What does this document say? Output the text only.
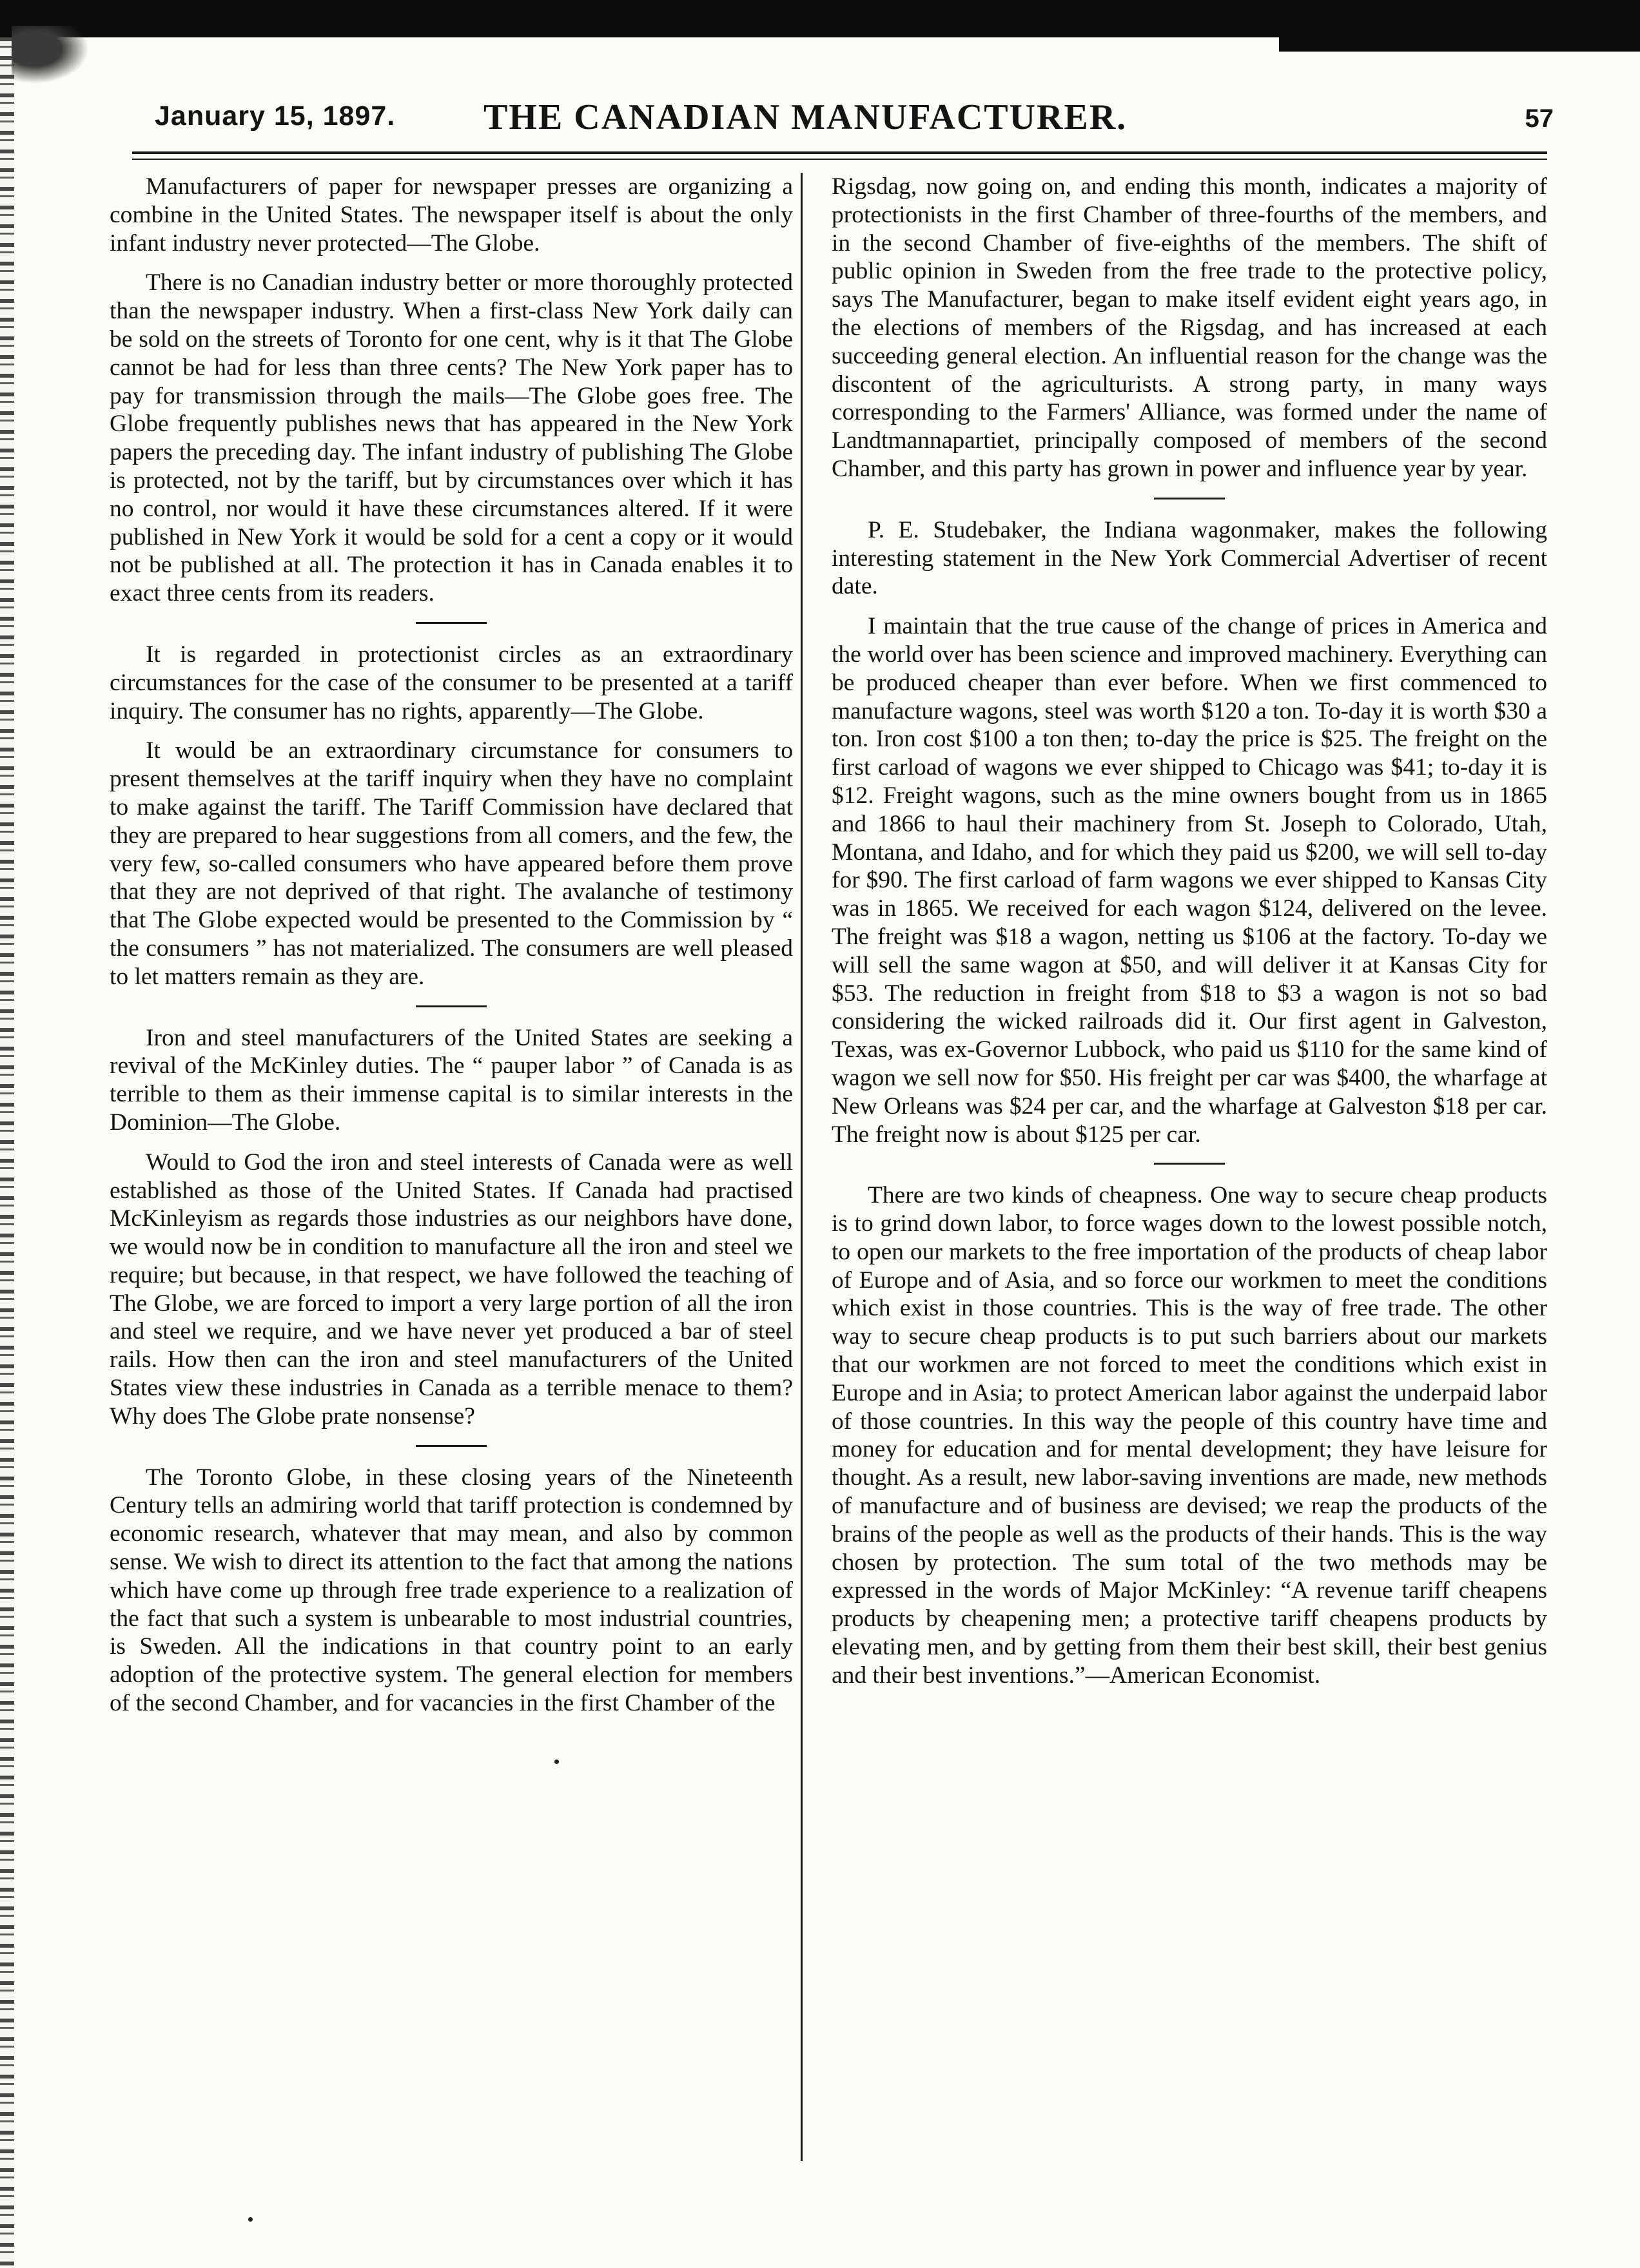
January 15, 1897. THE CANADIAN MANUFACTURER.	57

Manufacturers of paper for newspaper presses are organizing a combine in the United States. The newspaper itself is about the only infant industry never protected—The Globe.

There is no Canadian industry better or more thoroughly protected than the newspaper industry. When a first-class New York daily can be sold on the streets of Toronto for one cent, why is it that The Globe cannot be had for less than three cents? The New York paper has to pay for transmission through the mails—The Globe goes free. The Globe frequently publishes news that has appeared in the New York papers the preceding day. The infant industry of publishing The Globe is protected, not by the tariff, but by circumstances over which it has no control, nor would it have these circumstances altered. If it were published in New York it would be sold for a cent a copy or it would not be published at all. The protection it has in Canada enables it to exact three cents from its readers.

It is regarded in protectionist circles as an extraordinary circumstances for the case of the consumer to be presented at a tariff inquiry. The consumer has no rights, apparently—The Globe.

It would be an extraordinary circumstance for consumers to present themselves at the tariff inquiry when they have no complaint to make against the tariff. The Tariff Commission have declared that they are prepared to hear suggestions from all comers, and the few, the very few, so-called consumers who have appeared before them prove that they are not deprived of that right. The avalanche of testimony that The Globe expected would be presented to the Commission by “ the consumers ” has not materialized. The consumers are well pleased to let matters remain as they are.

Iron and steel manufacturers of the United States are seeking a revival of the McKinley duties. The “ pauper labor ” of Canada is as terrible to them as their immense capital is to similar interests in the Dominion—The Globe.

Would to God the iron and steel interests of Canada were as well established as those of the United States. If Canada had practised McKinleyism as regards those industries as our neighbors have done, we would now be in condition to manufacture all the iron and steel we require; but because, in that respect, we have followed the teaching of The Globe, we are forced to import a very large portion of all the iron and steel we require, and we have never yet produced a bar of steel rails. How then can the iron and steel manufacturers of the United States view these industries in Canada as a terrible menace to them? Why does The Globe prate nonsense?

The Toronto Globe, in these closing years of the Nineteenth Century tells an admiring world that tariff protection is condemned by economic research, whatever that may mean, and also by common sense. We wish to direct its attention to the fact that among the nations which have come up through free trade experience to a realization of the fact that such a system is unbearable to most industrial countries, is Sweden. All the indications in that country point to an early adoption of the protective system. The general election for members of the second Chamber, and for vacancies in the first Chamber of the

Rigsdag, now going on, and ending this month, indicates a majority of protectionists in the first Chamber of three-fourths of the members, and in the second Chamber of five-eighths of the members. The shift of public opinion in Sweden from the free trade to the protective policy, says The Manufacturer, began to make itself evident eight years ago, in the elections of members of the Rigsdag, and has increased at each succeeding general election. An influential reason for the change was the discontent of the agriculturists. A strong party, in many ways corresponding to the Farmers' Alliance, was formed under the name of Landtmannapartiet, principally composed of members of the second Chamber, and this party has grown in power and influence year by year.

P. E. Studebaker, the Indiana wagonmaker, makes the following interesting statement in the New York Commercial Advertiser of recent date.

I maintain that the true cause of the change of prices in America and the world over has been science and improved machinery. Everything can be produced cheaper than ever before. When we first commenced to manufacture wagons, steel was worth $120 a ton. To-day it is worth $30 a ton. Iron cost $100 a ton then; to-day the price is $25. The freight on the first carload of wagons we ever shipped to Chicago was $41; to-day it is $12. Freight wagons, such as the mine owners bought from us in 1865 and 1866 to haul their machinery from St. Joseph to Colorado, Utah, Montana, and Idaho, and for which they paid us $200, we will sell to-day for $90. The first carload of farm wagons we ever shipped to Kansas City was in 1865. We received for each wagon $124, delivered on the levee. The freight was $18 a wagon, netting us $106 at the factory. To-day we will sell the same wagon at $50, and will deliver it at Kansas City for $53. The reduction in freight from $18 to $3 a wagon is not so bad considering the wicked railroads did it. Our first agent in Galveston, Texas, was ex-Governor Lubbock, who paid us $110 for the same kind of wagon we sell now for $50. His freight per car was $400, the wharfage at New Orleans was $24 per car, and the wharfage at Galveston $18 per car. The freight now is about $125 per car.

There are two kinds of cheapness. One way to secure cheap products is to grind down labor, to force wages down to the lowest possible notch, to open our markets to the free importation of the products of cheap labor of Europe and of Asia, and so force our workmen to meet the conditions which exist in those countries. This is the way of free trade. The other way to secure cheap products is to put such barriers about our markets that our workmen are not forced to meet the conditions which exist in Europe and in Asia; to protect American labor against the underpaid labor of those countries. In this way the people of this country have time and money for education and for mental development; they have leisure for thought. As a result, new labor-saving inventions are made, new methods of manufacture and of business are devised; we reap the products of the brains of the people as well as the products of their hands. This is the way chosen by protection. The sum total of the two methods may be expressed in the words of Major McKinley: “A revenue tariff cheapens products by cheapening men; a protective tariff cheapens products by elevating men, and by getting from them their best skill, their best genius and their best inventions.”—American Economist.
